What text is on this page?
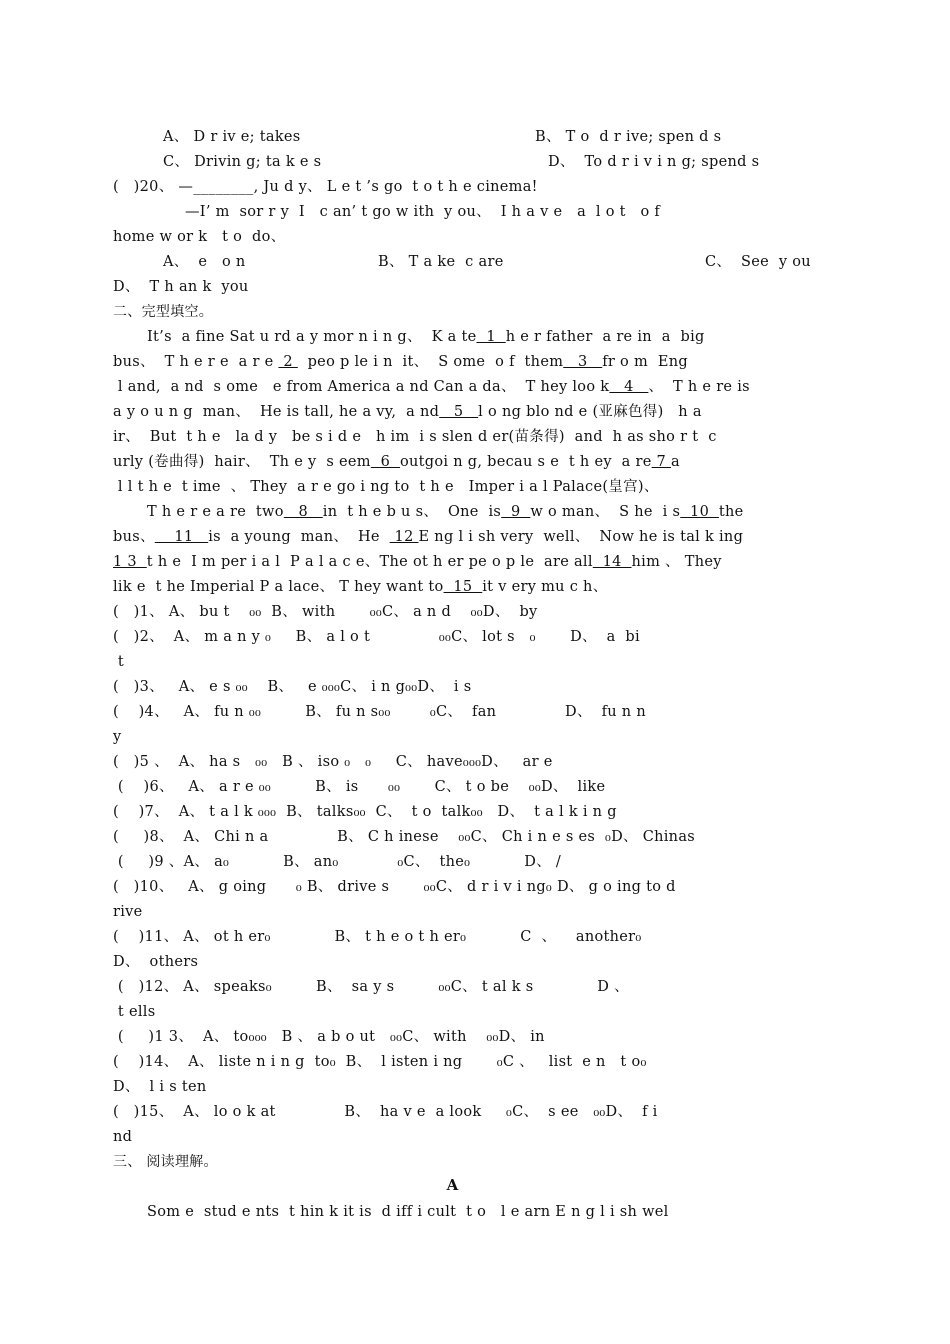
A、 D r iv e; takes	B、 T o  d r ive; spen d s
C、 Drivin g; ta k e s	D、  To d r i v i n g; spend s
(   )20、 —________, Ju d y、 L e t ’s go  t o t h e cinema!
—I’ m  sor r y  I   c an’ t go w ith  y ou、  I h a v e   a  l o t   o f
home w or k   t o  do、
A、  e   o n	B、 T a ke  c are	C、  See  y ou
D、  T h an k  you
二、完型填空。
It’s  a fine Sat u rd a y mor n i n g、  K a te  1  h e r father  a re in  a  big
bus、  T h e r e  a r e  2   peo p le i n  it、  S ome  o f  them   3   fr o m  Eng
l and,  a nd  s ome   e from America a nd Can a da、  T hey loo k   4   、  T h e re is
a y o u n g  man、  He is tall, he a vy,  a nd   5   l o ng blo nd e (亚麻色得)   h a
ir、  But  t h e   la d y   be s i d e   h im  i s slen d er(苗条得)  and  h as sho r t  c
urly (卷曲得)  hair、  Th e y  s eem  6  outgoi n g, becau s e  t h ey  a re 7 a
l l t h e  t ime  、 They  a r e go i ng to  t h e   Imper i a l Palace(皇宫)、
T h e r e a re  two   8   in  t h e b u s、  One  is  9  w o man、  S he  i s  10  the
bus、    11   is  a young  man、  He   12 E ng l i sh very  well、  Now he is tal k ing
1 3  t h e  I m per i a l  P a l a c e、The ot h er pe o p le  are all  14  him 、 They
lik e  t he Imperial P a lace、 T hey want to  15  it v ery mu c h、
(   )1、 A、 bu t    ₀₀  B、 with       ₀₀C、 a n d    ₀₀D、  by
(   )2、  A、 m a n y ₀     B、 a l o t              ₀₀C、 lot s   ₀       D、  a  bi
t
(   )3、   A、 e s ₀₀    B、   e ₀₀₀C、 i n g₀₀D、  i s
(    )4、   A、 fu n ₀₀         B、 fu n s₀₀        ₀C、  fan              D、  fu n n
y
(   )5 、  A、 ha s   ₀₀   B 、 iso ₀   ₀     C、 have₀₀₀D、   ar e
(    )6、   A、 a r e ₀₀         B、 is      ₀₀       C、 t o be    ₀₀D、  like
(    )7、  A、 t a l k ₀₀₀  B、 talks₀₀  C、  t o  talk₀₀   D、  t a l k i n g
(     )8、  A、 Chi n a              B、 C h inese    ₀₀C、 Ch i n e s es  ₀D、 Chinas
(     )9 、A、 a₀           B、 an₀            ₀C、  the₀           D、 /
(   )10、   A、 g oing      ₀ B、 drive s       ₀₀C、 d r i v i ng₀ D、 g o ing to d
rive
(    )11、 A、 ot h er₀             B、 t h e o t h er₀           C  、    another₀
D、  others
(   )12、 A、 speaks₀         B、  sa y s         ₀₀C、 t al k s             D 、
t ells
(     )1 3、  A、 to₀₀₀   B 、 a b o ut   ₀₀C、 with    ₀₀D、 in
(    )14、  A、 liste n i n g  to₀  B、  l isten i ng       ₀C 、   list  e n   t o₀
D、  l i s ten
(   )15、  A、 lo o k at              B、  ha v e  a look     ₀C、  s ee   ₀₀D、  f i
nd
三、 阅读理解。
A
Som e  stud e nts  t hin k it is  d iff i cult  t o   l e arn E n g l i sh wel
